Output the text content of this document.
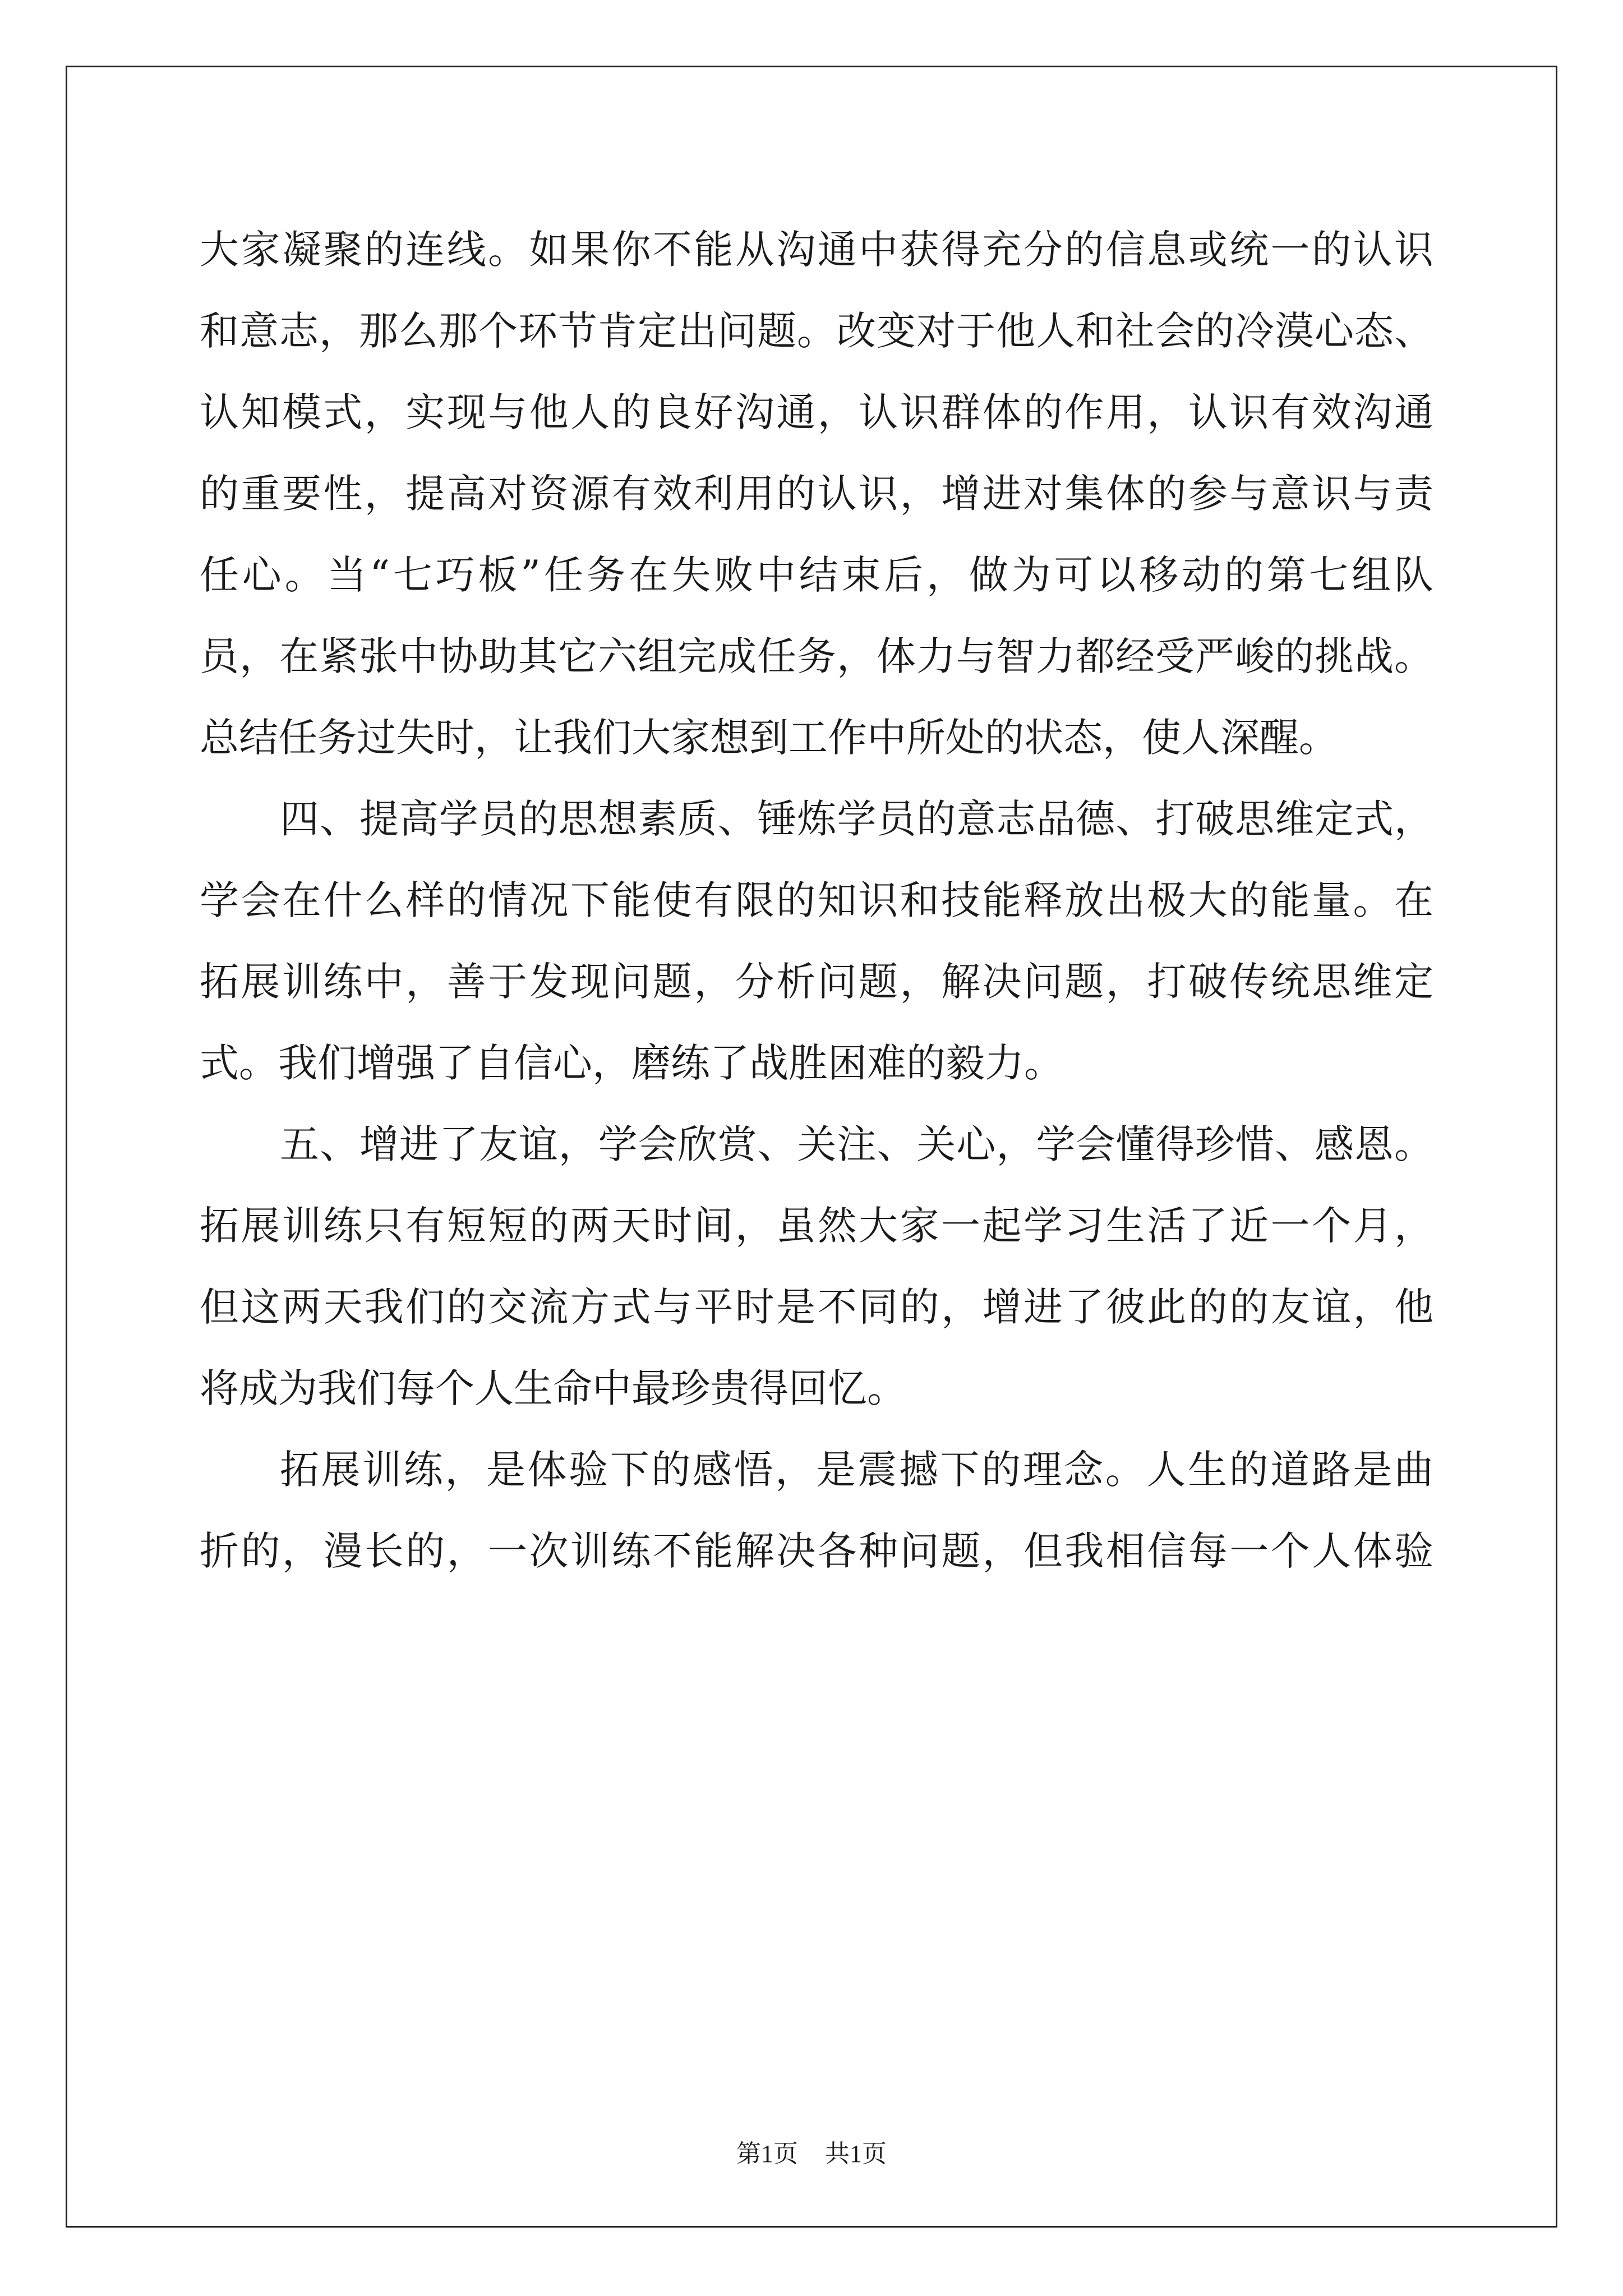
大家凝聚的连线。如果你不能从沟通中获得充分的信息或统一的认识
和意志，那么那个环节肯定出问题。改变对于他人和社会的冷漠心态、
认知模式，实现与他人的良好沟通，认识群体的作用，认识有效沟通
的重要性，提高对资源有效利用的认识，增进对集体的参与意识与责
任心。当“七巧板”任务在失败中结束后，做为可以移动的第七组队
员，在紧张中协助其它六组完成任务，体力与智力都经受严峻的挑战。
总结任务过失时，让我们大家想到工作中所处的状态，使人深醒。
四、提高学员的思想素质、锤炼学员的意志品德、打破思维定式，
学会在什么样的情况下能使有限的知识和技能释放出极大的能量。在
拓展训练中，善于发现问题，分析问题，解决问题，打破传统思维定
式。我们增强了自信心，磨练了战胜困难的毅力。
五、增进了友谊，学会欣赏、关注、关心，学会懂得珍惜、感恩。
拓展训练只有短短的两天时间，虽然大家一起学习生活了近一个月，
但这两天我们的交流方式与平时是不同的，增进了彼此的的友谊，他
将成为我们每个人生命中最珍贵得回忆。
拓展训练，是体验下的感悟，是震撼下的理念。人生的道路是曲
折的，漫长的，一次训练不能解决各种问题，但我相信每一个人体验
第1页 共1页
